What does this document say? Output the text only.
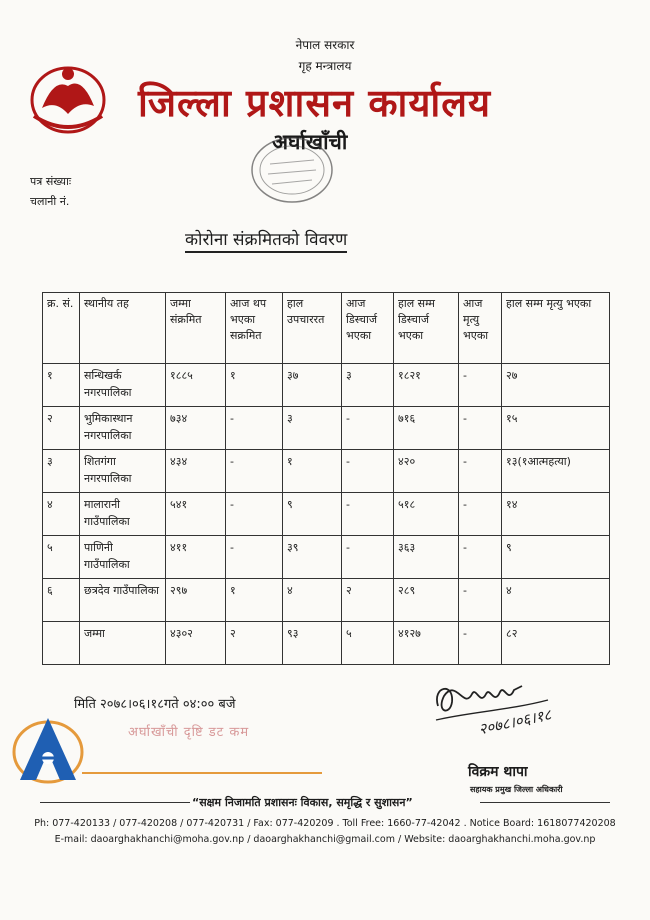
नेपाल सरकार
गृह मन्त्रालय
जिल्ला प्रशासन कार्यालय
अर्घाखाँची
पत्र संख्याः
चलानी नं.
कोरोना संक्रमितको विवरण
क्र. सं.	स्थानीय तह	जम्मा संक्रमित	आज थप भएका सक्रमित	हाल उपचाररत	आज डिस्चार्ज भएका	हाल सम्म डिस्चार्ज भएका	आज मृत्यु भएका	हाल सम्म मृत्यु भएका
१	सन्धिखर्क नगरपालिका	१८८५	१	३७	३	१८२१	-	२७
२	भुमिकास्थान नगरपालिका	७३४	-	३	-	७१६	-	१५
३	शितगंगा नगरपालिका	४३४	-	१	-	४२०	-	१३(१आत्महत्या)
४	मालारानी गाउँपालिका	५४१	-	९	-	५१८	-	१४
५	पाणिनी गाउँपालिका	४११	-	३९	-	३६३	-	९
६	छत्रदेव गाउँपालिका	२९७	१	४	२	२८९	-	४
	जम्मा	४३०२	२	९३	५	४१२७	-	८२
मिति २०७८।०६।१८गते ०४:०० बजे
२०७८।०६।१८
विक्रम थापा
सहायक प्रमुख जिल्ला अधिकारी
अर्घाखाँची दृष्टि डट कम
“सक्षम निजामति प्रशासनः विकास, समृद्धि र सुशासन”
Ph: 077-420133 / 077-420208 / 077-420731 / Fax: 077-420209 . Toll Free: 1660-77-42042 . Notice Board: 1618077420208
E-mail: daoarghakhanchi@moha.gov.np / daoarghakhanchi@gmail.com / Website: daoarghakhanchi.moha.gov.np
